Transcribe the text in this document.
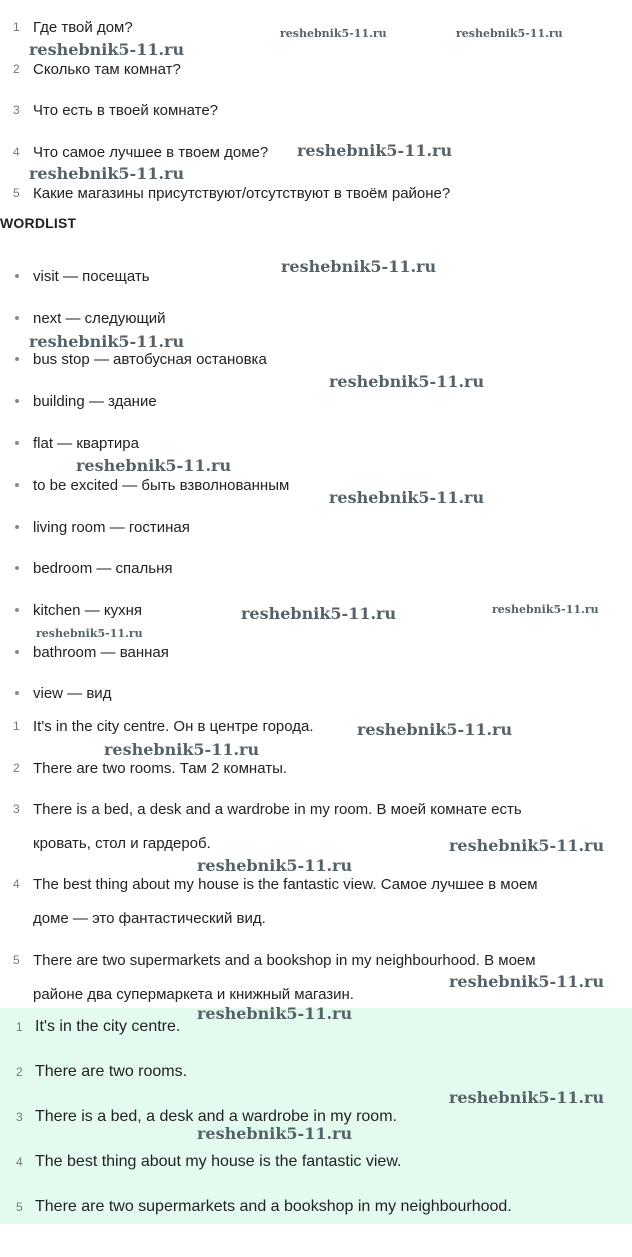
1 Где твой дом?
2 Сколько там комнат?
3 Что есть в твоей комнате?
4 Что самое лучшее в твоем доме?
5 Какие магазины присутствуют/отсутствуют в твоём районе?
WORDLIST
visit — посещать
next — следующий
bus stop — автобусная остановка
building — здание
flat — квартира
to be excited — быть взволнованным
living room — гостиная
bedroom — спальня
kitchen — кухня
bathroom — ванная
view — вид
1 It's in the city centre. Он в центре города.
2 There are two rooms. Там 2 комнаты.
3 There is a bed, a desk and a wardrobe in my room. В моей комнате есть
кровать, стол и гардероб.
4 The best thing about my house is the fantastic view. Самое лучшее в моем
доме — это фантастический вид.
5 There are two supermarkets and a bookshop in my neighbourhood. В моем
районе два супермаркета и книжный магазин.
1 It's in the city centre.
2 There are two rooms.
3 There is a bed, a desk and a wardrobe in my room.
4 The best thing about my house is the fantastic view.
5 There are two supermarkets and a bookshop in my neighbourhood.
reshebnik5-11.ru	reshebnik5-11.ru
reshebnik5-11.ru
reshebnik5-11.ru
reshebnik5-11.ru
reshebnik5-11.ru
reshebnik5-11.ru
reshebnik5-11.ru
reshebnik5-11.ru
reshebnik5-11.ru
reshebnik5-11.ru	reshebnik5-11.ru
reshebnik5-11.ru
reshebnik5-11.ru
reshebnik5-11.ru
reshebnik5-11.ru
reshebnik5-11.ru
reshebnik5-11.ru
reshebnik5-11.ru
reshebnik5-11.ru
reshebnik5-11.ru
